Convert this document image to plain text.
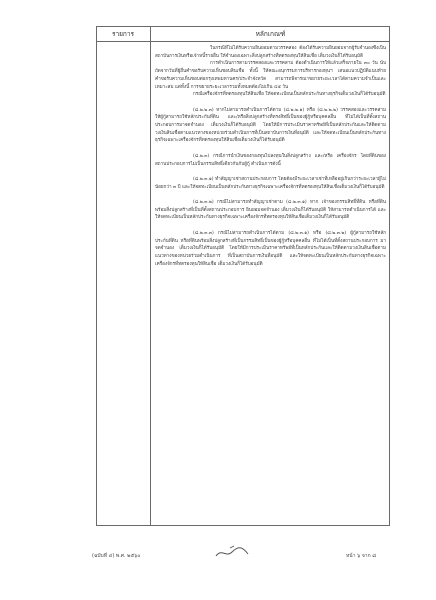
รายการ	หลักเกณฑ์

ในกรณีที่ไม่ได้รับความยินยอมตามวรรคสอง ต้องได้รับความยินยอมจากผู้รับจำนองซึ่งเป็นสถาบันการเงินหรือเจ้าหนี้รายอื่น ให้จำนองเฉพาะสิ่งปลูกสร้างที่ทดรองทุนให้สินเชื่อ เต็มวงเงินก็ได้รับอนุมัติ

การดำเนินการตามวรรคสองและวรรคสาม ต้องดำเนินการให้แล้วเสร็จภายใน ๓๐ วัน นับถัดจากวันที่ผู้ยื่นคำขอรับความเห็นชอบสินเชื่อ ทั้งนี้ ให้คณะอนุกรรมการบริหารกองทุนฯ เสนอแนวปฏิบัติแนบท้ายคำขอรับความเห็นชอบต่อกรุงเทพมหานคร/ประจำจังหวัด สามารถพิจารณาขยายระยะเวลาได้ตามความจำเป็นและเหมาะสม แต่ทั้งนี้ การขยายระยะเวลารวมทั้งหมดต้องไม่เกิน ๔๕ วัน

กรณีเครื่องจักรที่ทดรองทุนให้สินเชื่อ ให้จดทะเบียนเป็นหลักประกันทางธุรกิจเต็มวงเงินก็ได้รับอนุมัติ

(๘.๒.๒.๓) หากไม่สามารถดำเนินการได้ตาม (๘.๒.๒.๑) หรือ (๘.๒.๒.๒) วรรคสองและวรรคสาม ให้ผู้กู้สามารถใช้หลักประกันที่ดิน และ/หรือสิ่งปลูกสร้างที่ทรงสิทธิ์เป็นของผู้กู้หรือบุคคลอื่น ที่ไม่ได้เป็นที่ตั้งสถานประกอบการมาจดจำนอง เต็มวงเงินก็ได้รับอนุมัติ โดยให้มีการประเมินราคาทรัพย์ที่เป็นหลักประกันและให้ติดตามวงเงินสินเชื่อตามแนวทางของหน่วยร่วมดำเนินการที่เป็นสถาบันการเงินที่อนุมัติ และให้จดทะเบียนเป็นหลักประกันทางธุรกิจเฉพาะเครื่องจักรที่ทดรองทุนให้สินเชื่อเต็มวงเงินก็ได้รับอนุมัติ

(๘.๒.๓) กรณีการนำเงินของกองทุนไปลงทุนในสิ่งปลูกสร้าง และ/หรือ เครื่องจักร โดยที่ดินของสถานประกอบการไม่เป็นกรรมสิทธิ์เดียวกันกับผู้กู้ ดำเนินการดังนี้

(๘.๒.๓.๑) ทำสัญญาเช่าสถานประกอบการ โดยต้องมีระยะเวลาเช่าที่เหลืออยู่เกินกว่าระยะเวลาผู้ไม่น้อยกว่า ๓ ปี และให้จดทะเบียนเป็นหลักประกันทางธุรกิจเฉพาะเครื่องจักรที่ทดรองทุนให้สินเชื่อเต็มวงเงินก็ได้รับอนุมัติ

(๘.๒.๓.๒) กรณีไม่สามารถทำสัญญาเช่าตาม (๘.๒.๓.๑) หาก เจ้าของกรรมสิทธิ์ที่ดิน หรือที่ดินพร้อมสิ่งปลูกสร้างที่เป็นที่ตั้งสถานประกอบการ ยินยอมจดจำนอง เต็มวงเงินก็ได้รับอนุมัติ ให้สามารถดำเนินการได้ และให้จดทะเบียนเป็นหลักประกันทางธุรกิจเฉพาะเครื่องจักรที่ทดรองทุนให้สินเชื่อเต็มวงเงินก็ได้รับอนุมัติ

(๘.๒.๓.๓) กรณีไม่สามารถดำเนินการได้ตาม (๘.๒.๓.๑) หรือ (๘.๒.๓.๒) ผู้กู้สามารถใช้หลักประกันที่ดิน หรือที่ดินพร้อมสิ่งปลูกสร้างที่เป็นกรรมสิทธิ์เป็นของผู้กู้หรือบุคคลอื่น ที่ไม่ได้เป็นที่ตั้งสถานประกอบการ มาจดจำนอง เต็มวงเงินก็ได้รับอนุมัติ โดยให้มีการประเมินราคาทรัพย์ที่เป็นหลักประกันและให้ติดตามวงเงินสินเชื่อตามแนวทางของหน่วยร่วมดำเนินการ ที่เป็นสถาบันการเงินที่อนุมัติ และให้จดทะเบียนเป็นหลักประกันทางธุรกิจเฉพาะเครื่องจักรที่ทดรองทุนให้สินเชื่อ เต็มวงเงินก็ได้รับอนุมัติ

(ฉบับที่ ๔) พ.ศ. ๒๕๖๐	หน้า ๖ จาก ๘
